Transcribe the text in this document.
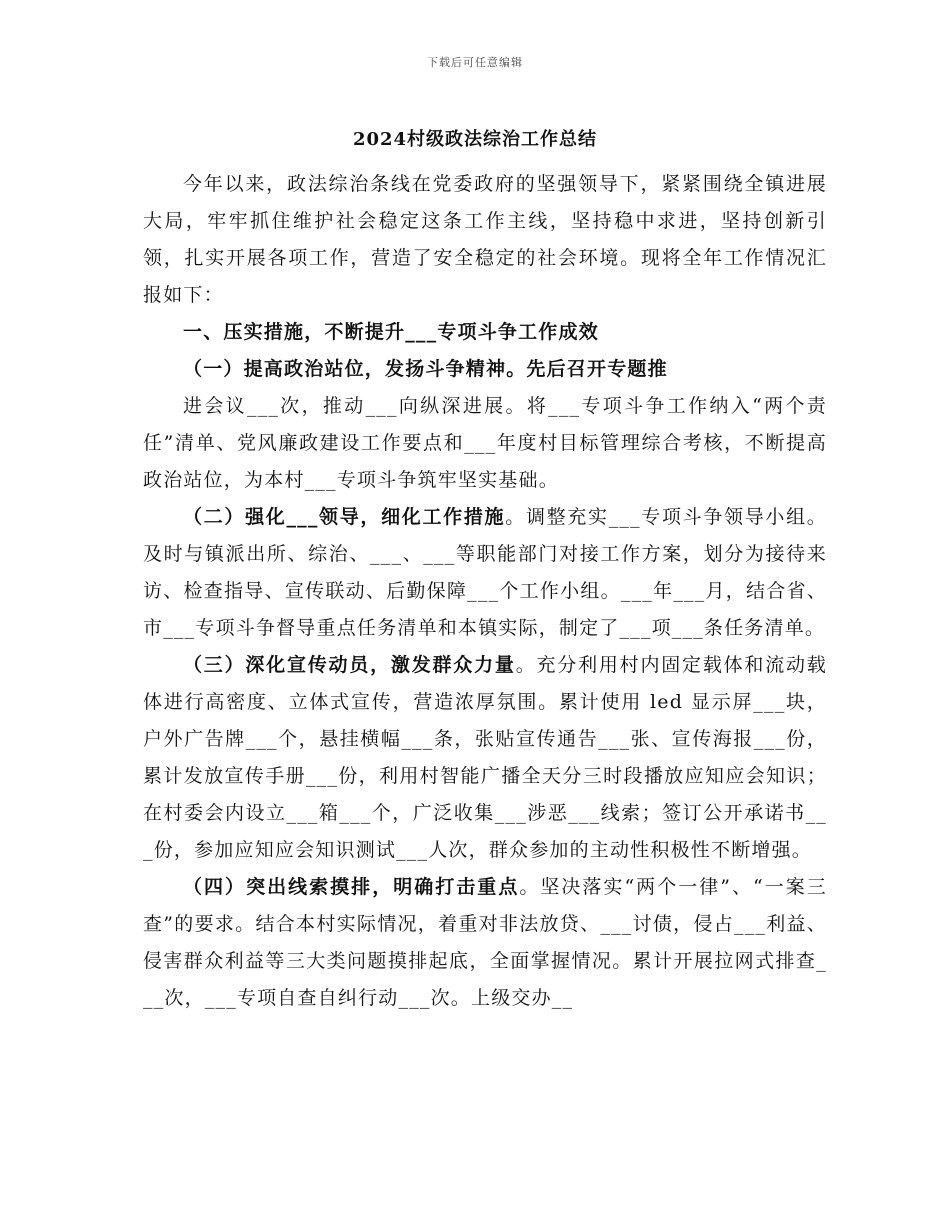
下载后可任意编辑
2024村级政法综治工作总结

今年以来，政法综治条线在党委政府的坚强领导下，紧紧围绕全镇进展大局，牢牢抓住维护社会稳定这条工作主线，坚持稳中求进，坚持创新引领，扎实开展各项工作，营造了安全稳定的社会环境。现将全年工作情况汇报如下：

一、压实措施，不断提升___专项斗争工作成效

（一）提高政治站位，发扬斗争精神。先后召开专题推

进会议___次，推动___向纵深进展。将___专项斗争工作纳入“两个责任”清单、党风廉政建设工作要点和___年度村目标管理综合考核，不断提高政治站位，为本村___专项斗争筑牢坚实基础。

（二）强化___领导，细化工作措施。调整充实___专项斗争领导小组。及时与镇派出所、综治、___、___等职能部门对接工作方案，划分为接待来访、检查指导、宣传联动、后勤保障___个工作小组。___年___月，结合省、市___专项斗争督导重点任务清单和本镇实际，制定了___项___条任务清单。

（三）深化宣传动员，激发群众力量。充分利用村内固定载体和流动载体进行高密度、立体式宣传，营造浓厚氛围。累计使用 led 显示屏___块，户外广告牌___个，悬挂横幅___条，张贴宣传通告___张、宣传海报___份，累计发放宣传手册___份，利用村智能广播全天分三时段播放应知应会知识；在村委会内设立___箱___个，广泛收集___涉恶___线索；签订公开承诺书___份，参加应知应会知识测试___人次，群众参加的主动性积极性不断增强。

（四）突出线索摸排，明确打击重点。坚决落实“两个一律”、“一案三查”的要求。结合本村实际情况，着重对非法放贷、___讨债，侵占___利益、侵害群众利益等三大类问题摸排起底，全面掌握情况。累计开展拉网式排查___次，___专项自查自纠行动___次。上级交办__
